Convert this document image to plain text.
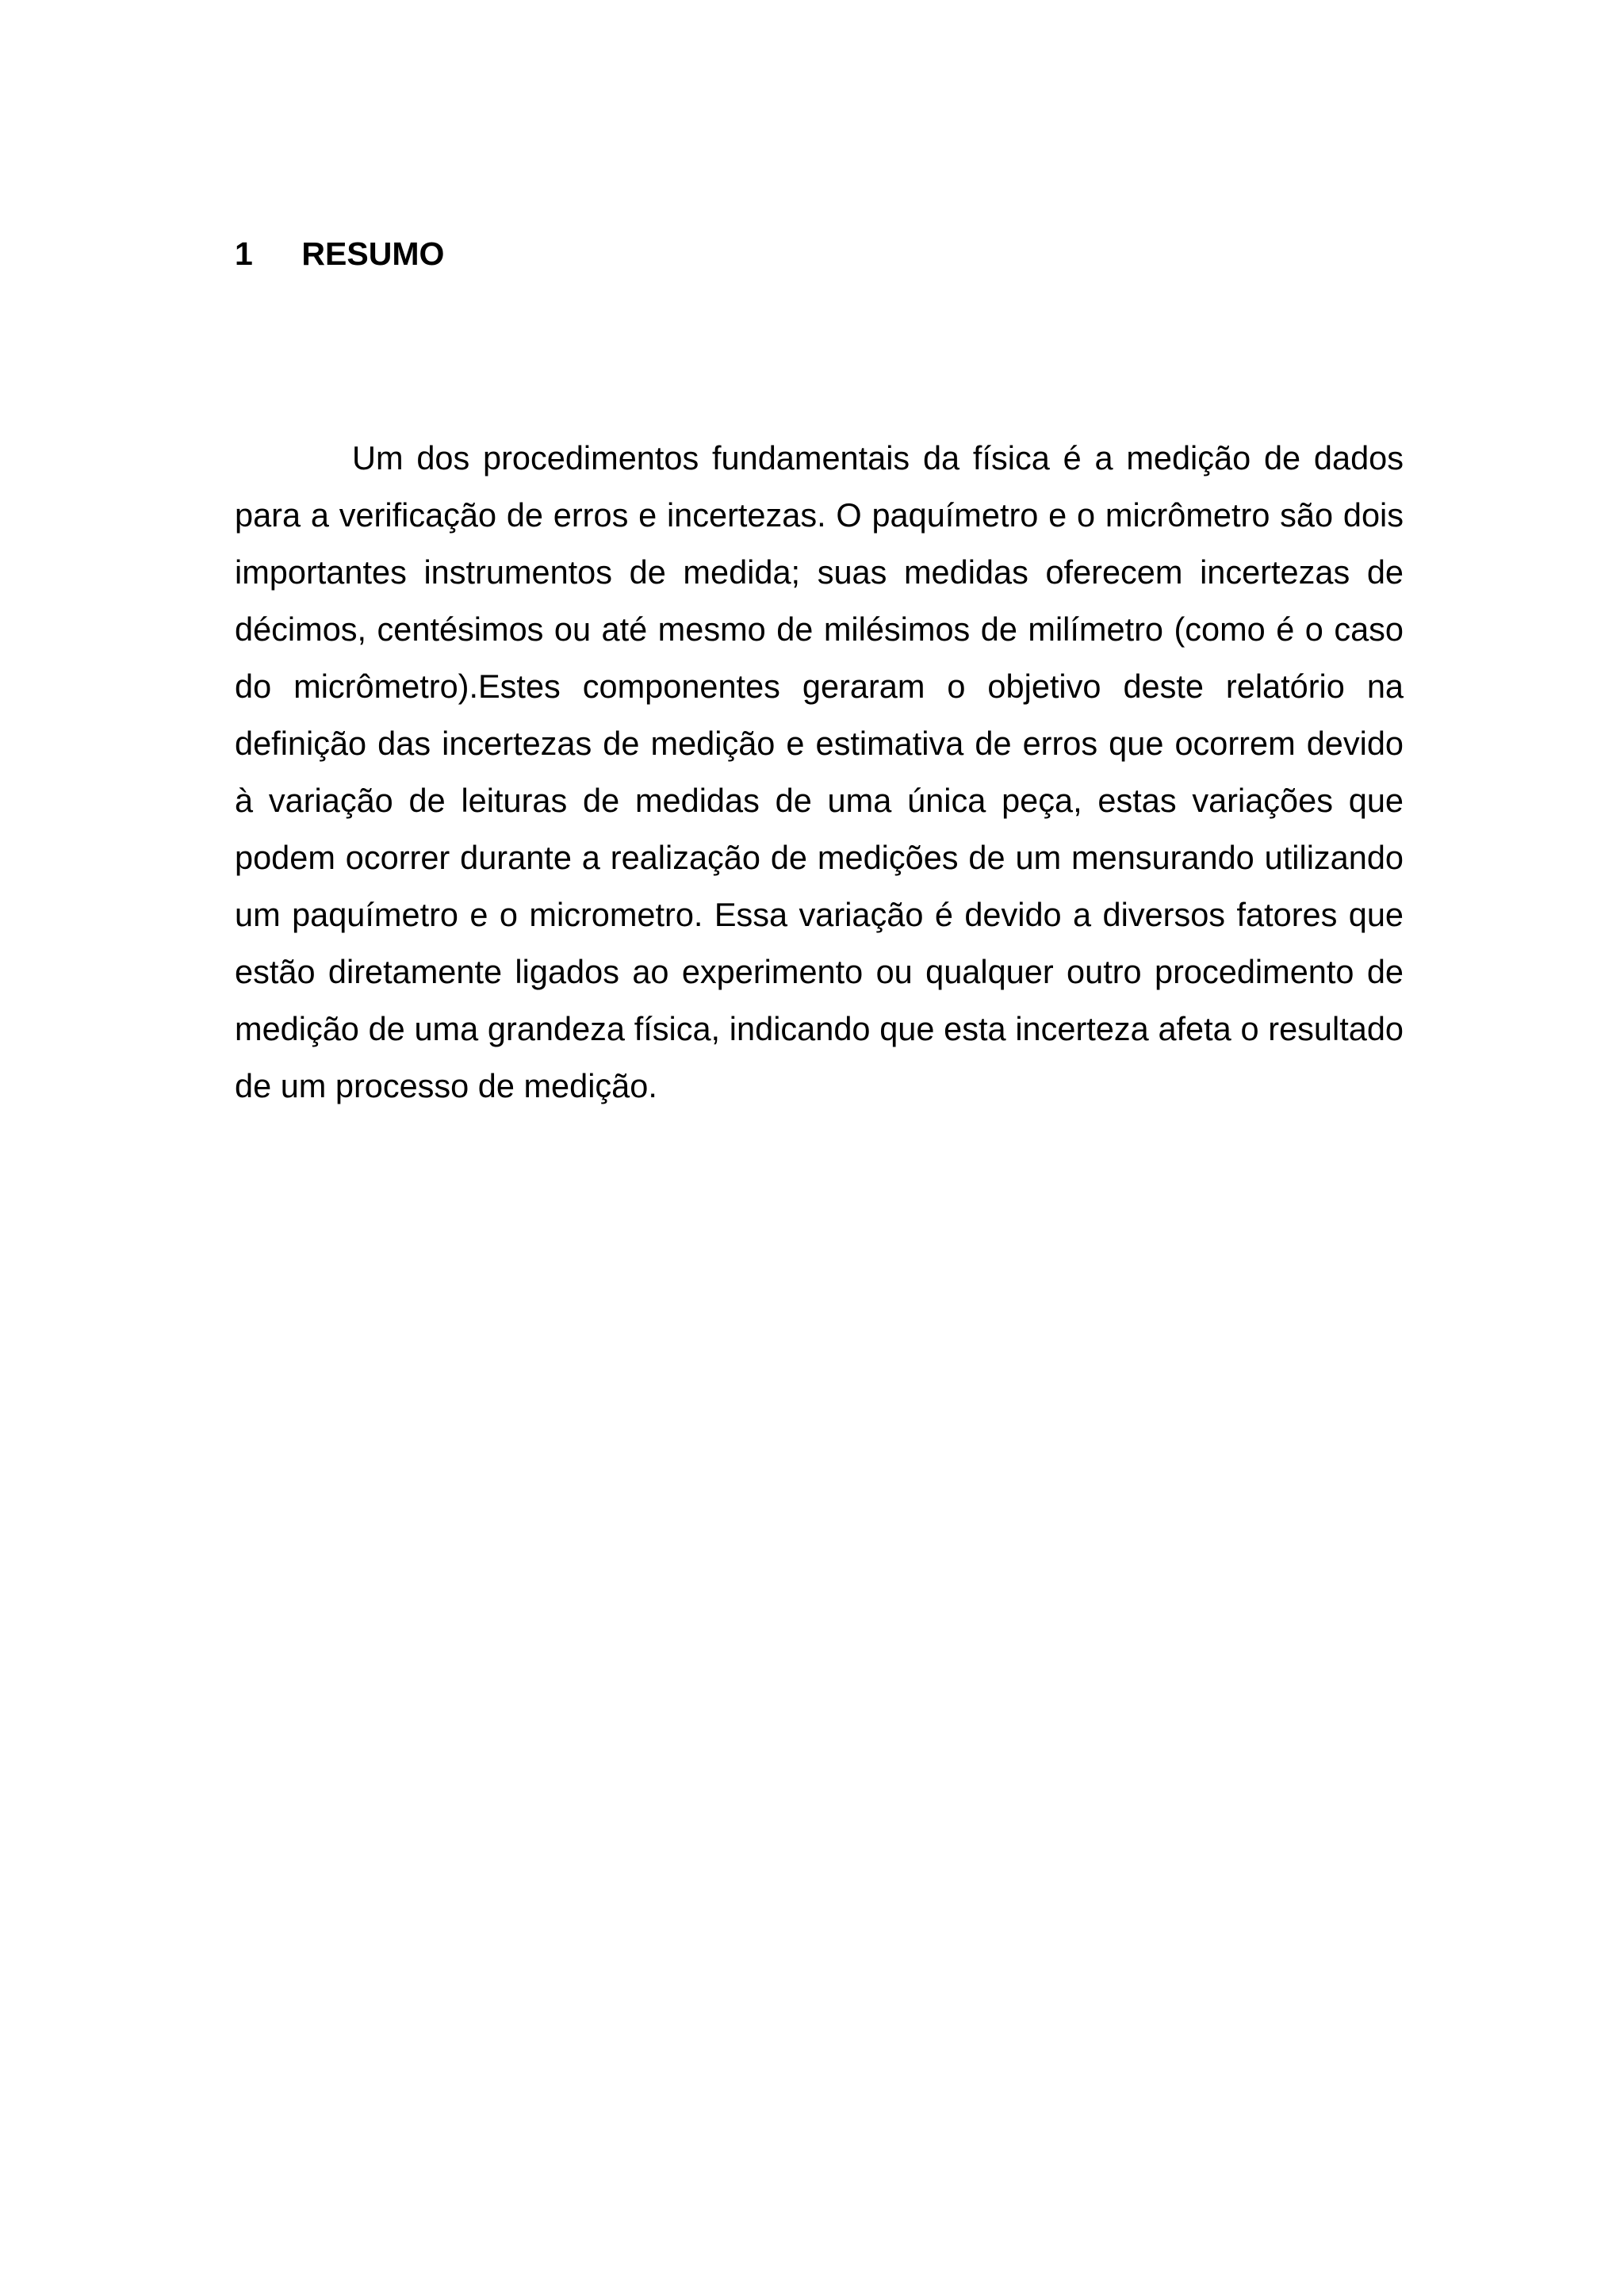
1 RESUMO

Um dos procedimentos fundamentais da física é a medição de dados para a verificação de erros e incertezas. O paquímetro e o micrômetro são dois importantes instrumentos de medida; suas medidas oferecem incertezas de décimos, centésimos ou até mesmo de milésimos de milímetro (como é o caso do micrômetro).Estes componentes geraram o objetivo deste relatório na definição das incertezas de medição e estimativa de erros que ocorrem devido à variação de leituras de medidas de uma única peça, estas variações que podem ocorrer durante a realização de medições de um mensurando utilizando um paquímetro e o micrometro. Essa variação é devido a diversos fatores que estão diretamente ligados ao experimento ou qualquer outro procedimento de medição de uma grandeza física, indicando que esta incerteza afeta o resultado de um processo de medição.
